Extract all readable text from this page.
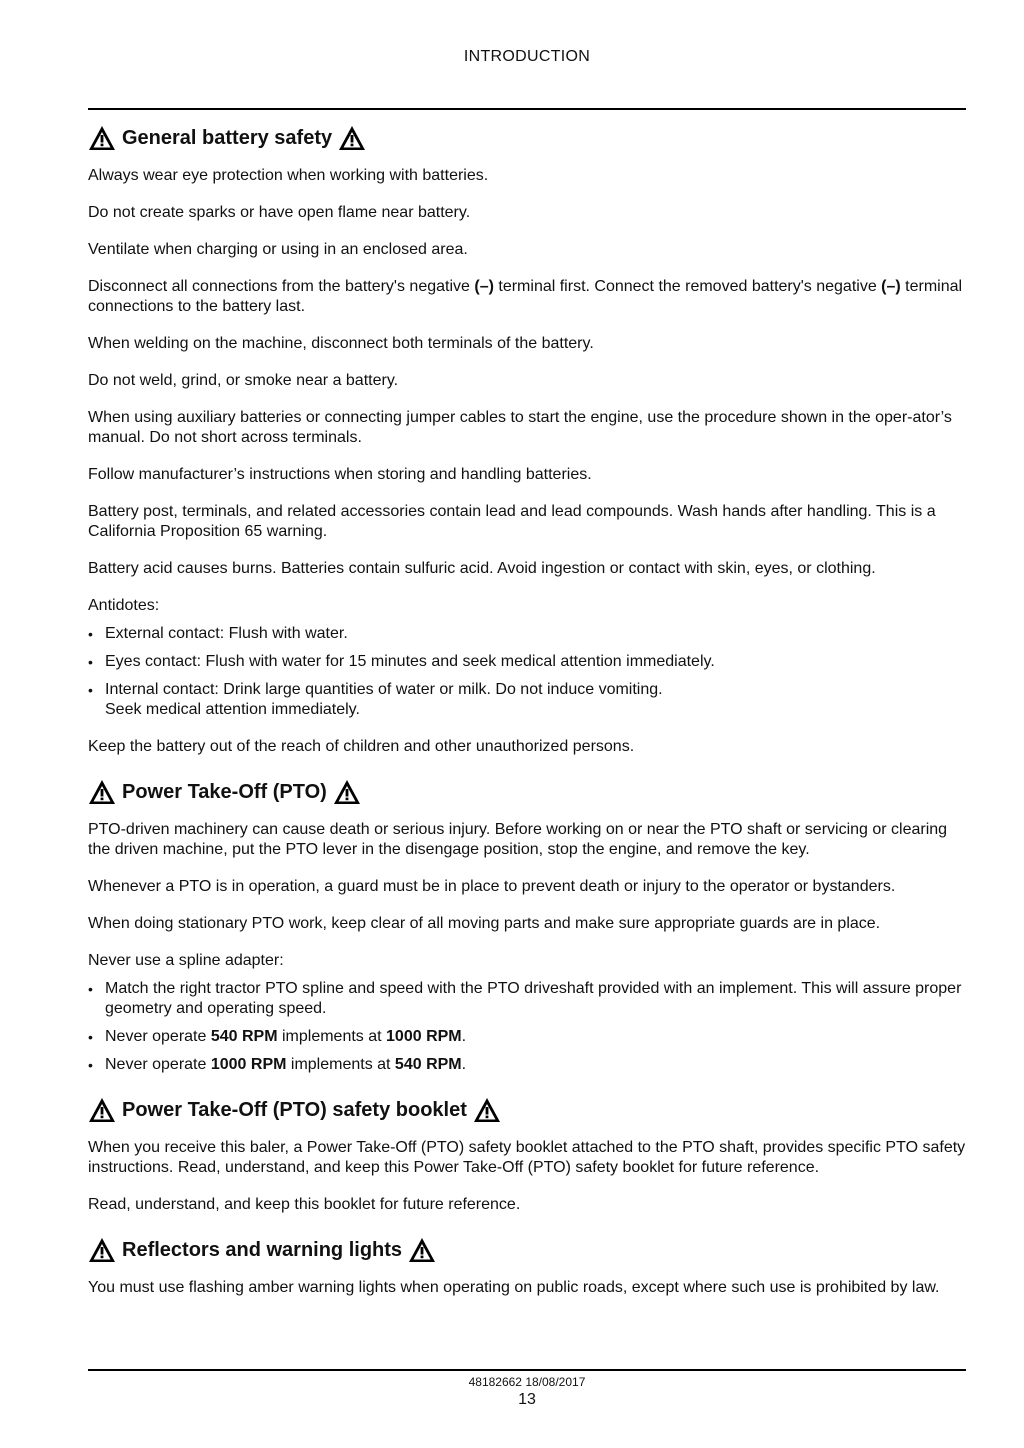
INTRODUCTION
General battery safety

Always wear eye protection when working with batteries.

Do not create sparks or have open flame near battery.

Ventilate when charging or using in an enclosed area.

Disconnect all connections from the battery's negative (–) terminal first. Connect the removed battery's negative (–) terminal connections to the battery last.

When welding on the machine, disconnect both terminals of the battery.

Do not weld, grind, or smoke near a battery.

When using auxiliary batteries or connecting jumper cables to start the engine, use the procedure shown in the oper-ator’s manual. Do not short across terminals.

Follow manufacturer’s instructions when storing and handling batteries.

Battery post, terminals, and related accessories contain lead and lead compounds. Wash hands after handling. This is a California Proposition 65 warning.

Battery acid causes burns. Batteries contain sulfuric acid. Avoid ingestion or contact with skin, eyes, or clothing.

Antidotes:

• External contact: Flush with water.
• Eyes contact: Flush with water for 15 minutes and seek medical attention immediately.
• Internal contact: Drink large quantities of water or milk. Do not induce vomiting.
Seek medical attention immediately.

Keep the battery out of the reach of children and other unauthorized persons.

Power Take-Off (PTO)

PTO-driven machinery can cause death or serious injury. Before working on or near the PTO shaft or servicing or clearing the driven machine, put the PTO lever in the disengage position, stop the engine, and remove the key.

Whenever a PTO is in operation, a guard must be in place to prevent death or injury to the operator or bystanders.

When doing stationary PTO work, keep clear of all moving parts and make sure appropriate guards are in place.

Never use a spline adapter:

• Match the right tractor PTO spline and speed with the PTO driveshaft provided with an implement. This will assure proper geometry and operating speed.
• Never operate 540 RPM implements at 1000 RPM.
• Never operate 1000 RPM implements at 540 RPM.
Power Take-Off (PTO) safety booklet

When you receive this baler, a Power Take-Off (PTO) safety booklet attached to the PTO shaft, provides specific PTO safety instructions. Read, understand, and keep this Power Take-Off (PTO) safety booklet for future reference.

Read, understand, and keep this booklet for future reference.

Reflectors and warning lights

You must use flashing amber warning lights when operating on public roads, except where such use is prohibited by law.

48182662 18/08/2017
13
